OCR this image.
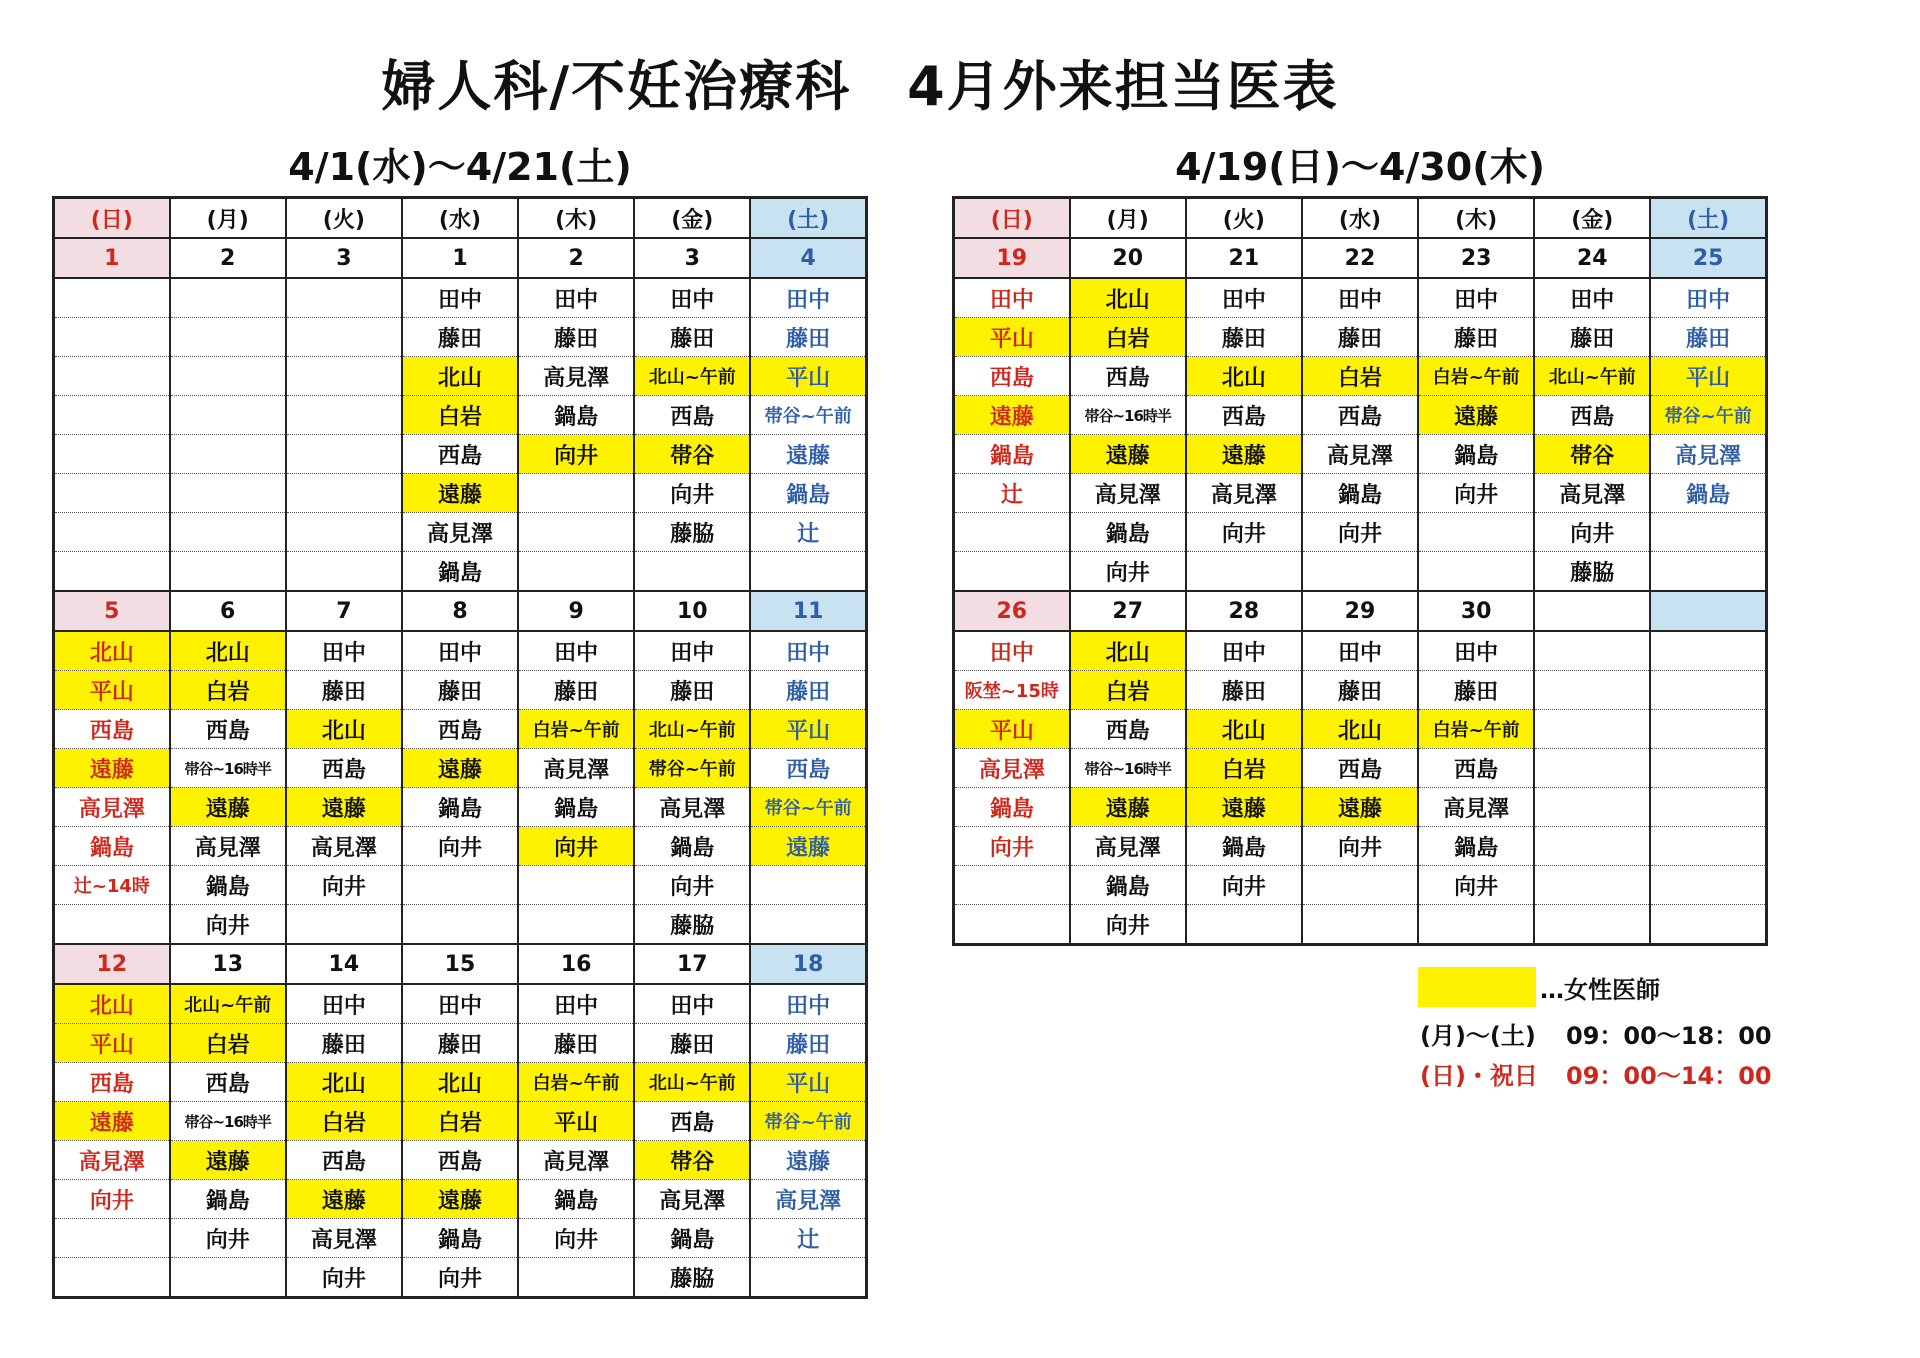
婦人科/不妊治療科　4月外来担当医表
4/1(水)～4/21(土)	4/19(日)～4/30(木)
(日)	(月)	(火)	(水)	(木)	(金)	(土)
1	2	3	1	2	3	4
			田中	田中	田中	田中
			藤田	藤田	藤田	藤田
			北山	高見澤	北山~午前	平山
			白岩	鍋島	西島	帯谷~午前
			西島	向井	帯谷	遠藤
			遠藤		向井	鍋島
			高見澤		藤脇	辻
			鍋島			
5	6	7	8	9	10	11
北山	北山	田中	田中	田中	田中	田中
平山	白岩	藤田	藤田	藤田	藤田	藤田
西島	西島	北山	西島	白岩~午前	北山~午前	平山
遠藤	帯谷~16時半	西島	遠藤	高見澤	帯谷~午前	西島
高見澤	遠藤	遠藤	鍋島	鍋島	高見澤	帯谷~午前
鍋島	高見澤	高見澤	向井	向井	鍋島	遠藤
辻~14時	鍋島	向井			向井	
	向井				藤脇	
12	13	14	15	16	17	18
北山	北山~午前	田中	田中	田中	田中	田中
平山	白岩	藤田	藤田	藤田	藤田	藤田
西島	西島	北山	北山	白岩~午前	北山~午前	平山
遠藤	帯谷~16時半	白岩	白岩	平山	西島	帯谷~午前
高見澤	遠藤	西島	西島	高見澤	帯谷	遠藤
向井	鍋島	遠藤	遠藤	鍋島	高見澤	高見澤
	向井	高見澤	鍋島	向井	鍋島	辻
		向井	向井		藤脇	
(日)	(月)	(火)	(水)	(木)	(金)	(土)
19	20	21	22	23	24	25
田中	北山	田中	田中	田中	田中	田中
平山	白岩	藤田	藤田	藤田	藤田	藤田
西島	西島	北山	白岩	白岩~午前	北山~午前	平山
遠藤	帯谷~16時半	西島	西島	遠藤	西島	帯谷~午前
鍋島	遠藤	遠藤	高見澤	鍋島	帯谷	高見澤
辻	高見澤	高見澤	鍋島	向井	高見澤	鍋島
	鍋島	向井	向井		向井	
	向井				藤脇	
26	27	28	29	30		
田中	北山	田中	田中	田中		
阪埜~15時	白岩	藤田	藤田	藤田		
平山	西島	北山	北山	白岩~午前		
高見澤	帯谷~16時半	白岩	西島	西島		
鍋島	遠藤	遠藤	遠藤	高見澤		
向井	高見澤	鍋島	向井	鍋島		
	鍋島	向井		向井		
	向井					
…女性医師
(月)～(土) 09：00～18：00
(日)・祝日 09：00～14：00
